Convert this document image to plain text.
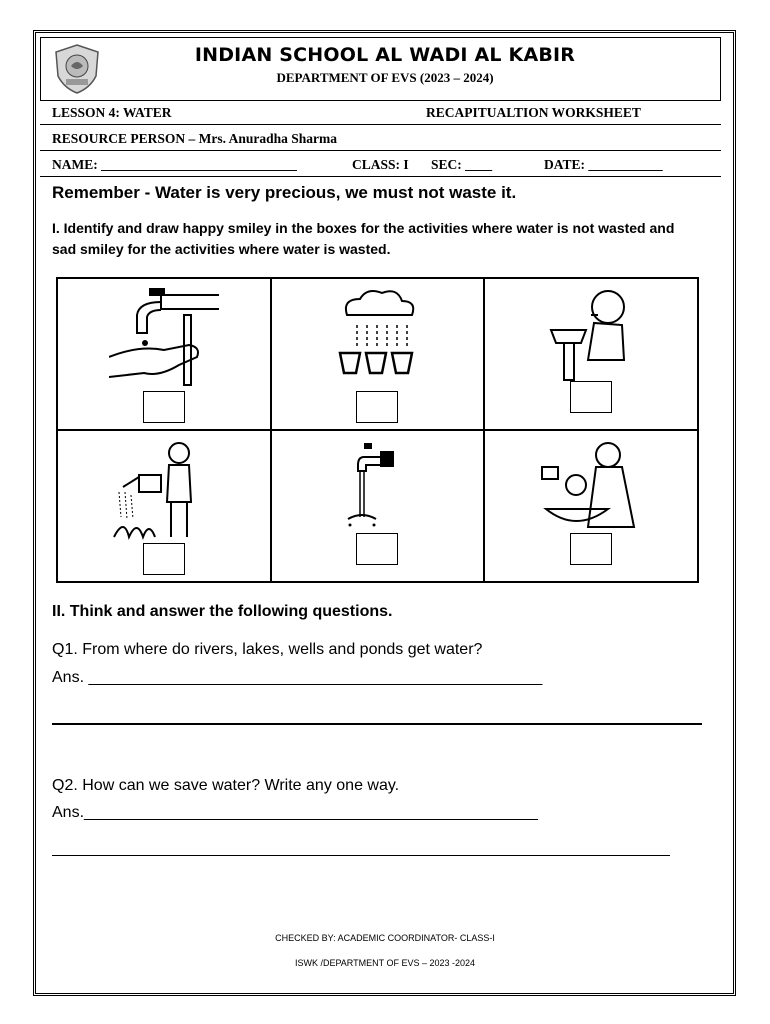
INDIAN SCHOOL AL WADI AL KABIR
DEPARTMENT OF EVS (2023 – 2024)
LESSON 4: WATER	RECAPITUALTION WORKSHEET
RESOURCE PERSON – Mrs. Anuradha Sharma
NAME: _____________________________	CLASS: I SEC: ____	DATE: ___________
Remember - Water is very precious, we must not waste it.
I. Identify and draw happy smiley in the boxes for the activities where water is not wasted and sad smiley for the activities where water is wasted.

II. Think and answer the following questions.
Q1. From where do rivers, lakes, wells and ponds get water?
Ans. ___________________________________________________
Q2. How can we save water? Write any one way.
Ans.___________________________________________________
CHECKED BY: ACADEMIC COORDINATOR- CLASS-I
ISWK /DEPARTMENT OF EVS – 2023 -2024
